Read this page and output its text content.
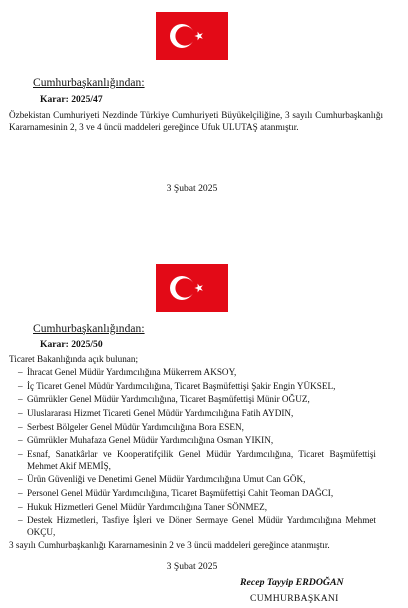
Cumhurbaşkanlığından:
Karar: 2025/47
Özbekistan Cumhuriyeti Nezdinde Türkiye Cumhuriyeti Büyükelçiliğine, 3 sayılı Cumhurbaşkanlığı Kararnamesinin 2, 3 ve 4 üncü maddeleri gereğince Ufuk ULUTAŞ atanmıştır.
3 Şubat 2025
Cumhurbaşkanlığından:
Karar: 2025/50
Ticaret Bakanlığında açık bulunan;
– İhracat Genel Müdür Yardımcılığına Mükerrem AKSOY,
– İç Ticaret Genel Müdür Yardımcılığına, Ticaret Başmüfettişi Şakir Engin YÜKSEL,
– Gümrükler Genel Müdür Yardımcılığına, Ticaret Başmüfettişi Münir OĞUZ,
– Uluslararası Hizmet Ticareti Genel Müdür Yardımcılığına Fatih AYDIN,
– Serbest Bölgeler Genel Müdür Yardımcılığına Bora ESEN,
– Gümrükler Muhafaza Genel Müdür Yardımcılığına Osman YIKIN,
– Esnaf, Sanatkârlar ve Kooperatifçilik Genel Müdür Yardımcılığına, Ticaret Başmüfettişi Mehmet Akif MEMİŞ,
– Ürün Güvenliği ve Denetimi Genel Müdür Yardımcılığına Umut Can GÖK,
– Personel Genel Müdür Yardımcılığına, Ticaret Başmüfettişi Cahit Teoman DAĞCI,
– Hukuk Hizmetleri Genel Müdür Yardımcılığına Taner SÖNMEZ,
– Destek Hizmetleri, Tasfiye İşleri ve Döner Sermaye Genel Müdür Yardımcılığına Mehmet OKÇU,
3 sayılı Cumhurbaşkanlığı Kararnamesinin 2 ve 3 üncü maddeleri gereğince atanmıştır.
3 Şubat 2025
Recep Tayyip ERDOĞAN
CUMHURBAŞKANI
